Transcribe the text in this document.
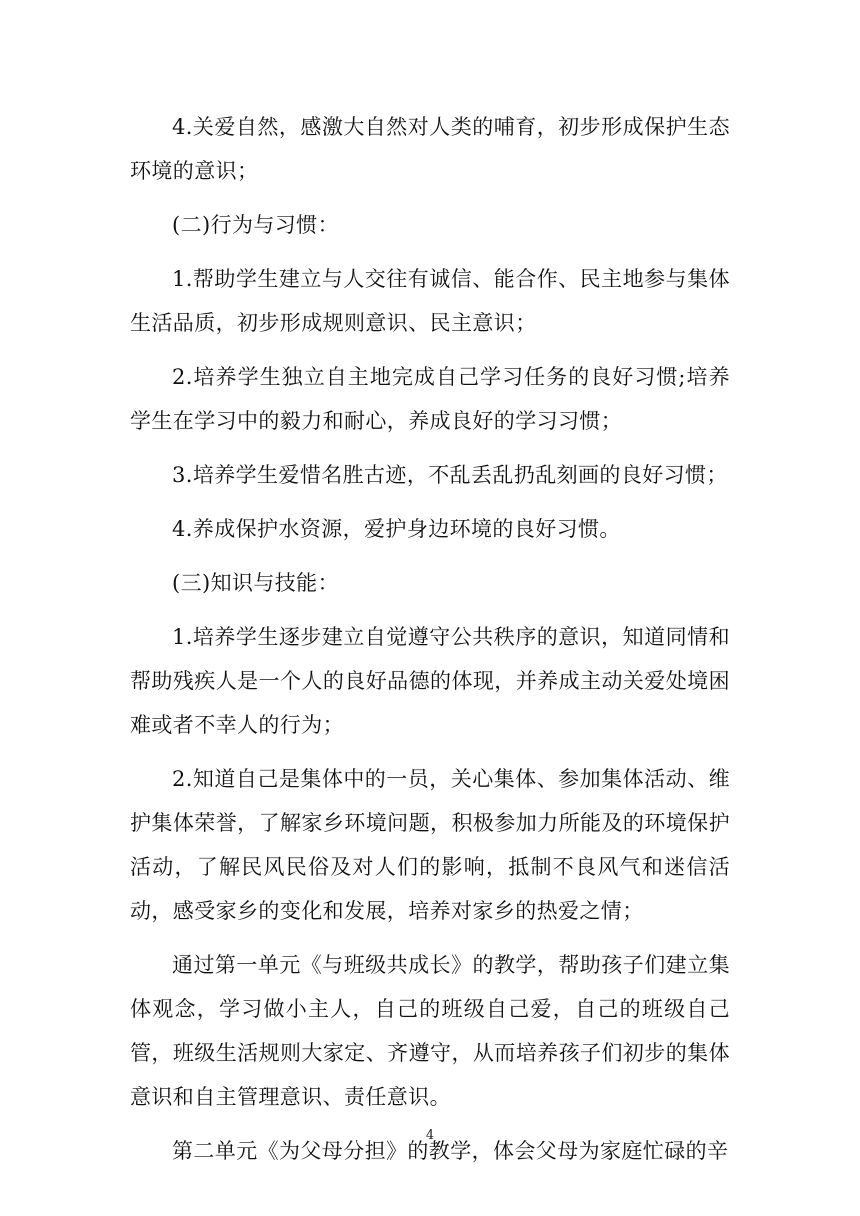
4.关爱自然，感激大自然对人类的哺育，初步形成保护生态环境的意识；

(二)行为与习惯：

1.帮助学生建立与人交往有诚信、能合作、民主地参与集体生活品质，初步形成规则意识、民主意识；

2.培养学生独立自主地完成自己学习任务的良好习惯;培养学生在学习中的毅力和耐心，养成良好的学习习惯；

3.培养学生爱惜名胜古迹，不乱丢乱扔乱刻画的良好习惯；

4.养成保护水资源，爱护身边环境的良好习惯。

(三)知识与技能：

1.培养学生逐步建立自觉遵守公共秩序的意识，知道同情和帮助残疾人是一个人的良好品德的体现，并养成主动关爱处境困难或者不幸人的行为；

2.知道自己是集体中的一员，关心集体、参加集体活动、维护集体荣誉，了解家乡环境问题，积极参加力所能及的环境保护活动，了解民风民俗及对人们的影响，抵制不良风气和迷信活动，感受家乡的变化和发展，培养对家乡的热爱之情；

通过第一单元《与班级共成长》的教学，帮助孩子们建立集体观念，学习做小主人，自己的班级自己爱，自己的班级自己管，班级生活规则大家定、齐遵守，从而培养孩子们初步的集体意识和自主管理意识、责任意识。

第二单元《为父母分担》的教学，体会父母为家庭忙碌的辛

4
